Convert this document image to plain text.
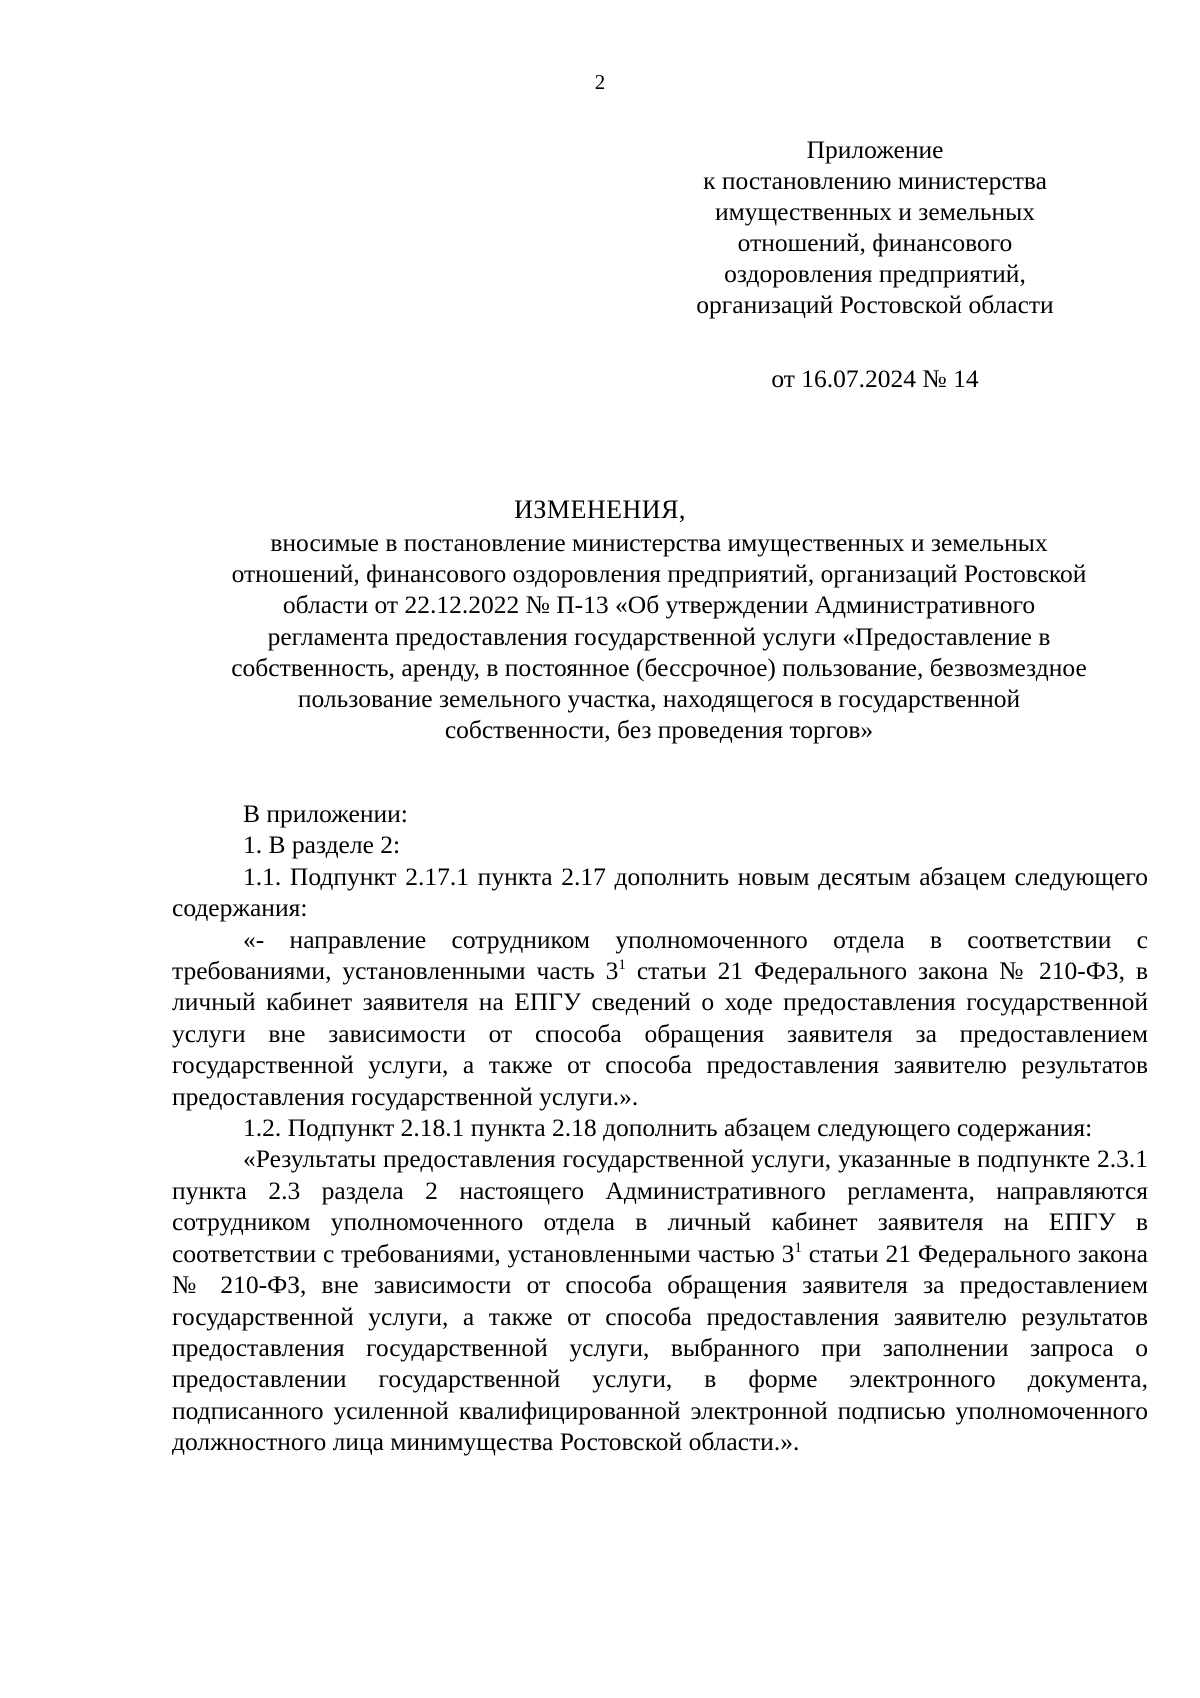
2
Приложение
к постановлению министерства
имущественных и земельных
отношений, финансового
оздоровления предприятий,
организаций Ростовской области
от 16.07.2024 № 14
ИЗМЕНЕНИЯ,
вносимые в постановление министерства имущественных и земельных
отношений, финансового оздоровления предприятий, организаций Ростовской
области от 22.12.2022 № П-13 «Об утверждении Административного
регламента предоставления государственной услуги «Предоставление в
собственность, аренду, в постоянное (бессрочное) пользование, безвозмездное
пользование земельного участка, находящегося в государственной
собственности, без проведения торгов»

В приложении:

1. В разделе 2:

1.1. Подпункт 2.17.1 пункта 2.17 дополнить новым десятым абзацем следующего содержания:

«- направление сотрудником уполномоченного отдела в соответствии с требованиями, установленными часть $3^1$ статьи 21 Федерального закона № 210-ФЗ, в личный кабинет заявителя на ЕПГУ сведений о ходе предоставления государственной услуги вне зависимости от способа обращения заявителя за предоставлением государственной услуги, а также от способа предоставления заявителю результатов предоставления государственной услуги.».

1.2. Подпункт 2.18.1 пункта 2.18 дополнить абзацем следующего содержания:

«Результаты предоставления государственной услуги, указанные в подпункте 2.3.1 пункта 2.3 раздела 2 настоящего Административного регламента, направляются сотрудником уполномоченного отдела в личный кабинет заявителя на ЕПГУ в соответствии с требованиями, установленными частью $3^1$ статьи 21 Федерального закона № 210-ФЗ, вне зависимости от способа обращения заявителя за предоставлением государственной услуги, а также от способа предоставления заявителю результатов предоставления государственной услуги, выбранного при заполнении запроса о предоставлении государственной услуги, в форме электронного документа, подписанного усиленной квалифицированной электронной подписью уполномоченного должностного лица минимущества Ростовской области.».
